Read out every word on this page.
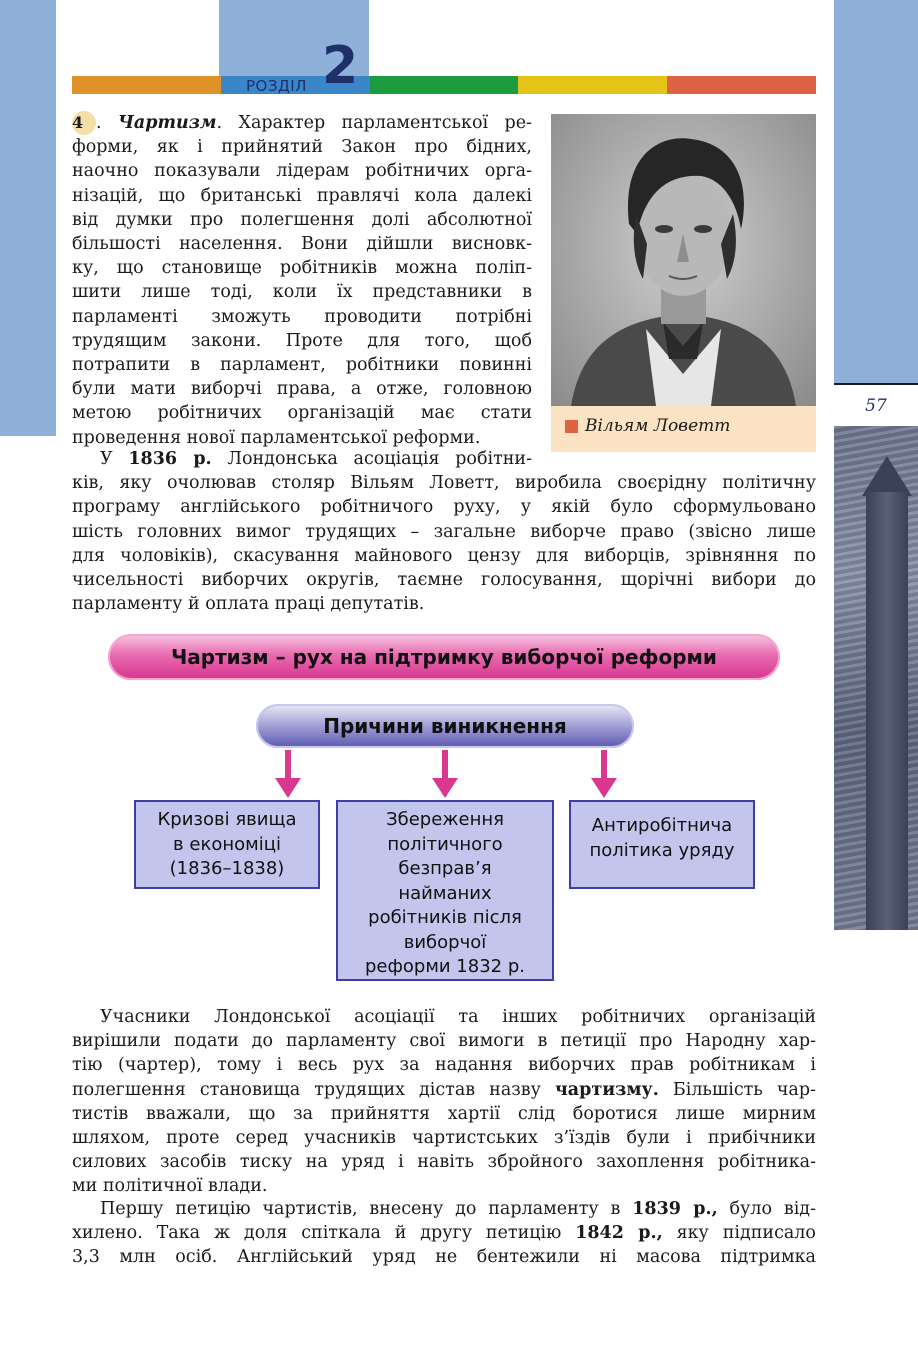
РОЗДІЛ 2
57
Вільям Ловетт

4 . Чартизм. Характер парламентської ре-

форми, як і прийнятий Закон про бідних,

наочно показували лідерам робітничих орга-

нізацій, що британські правлячі кола далекі

від думки про полегшення долі абсолютної

більшості населення. Вони дійшли висновк-

ку, що становище робітників можна поліп-

шити лише тоді, коли їх представники в

парламенті зможуть проводити потрібні

трудящим закони. Проте для того, щоб

потрапити в парламент, робітники повинні

були мати виборчі права, а отже, головною

метою робітничих організацій має стати

проведення нової парламентської реформи.

У 1836 р. Лондонська асоціація робітни-

ків, яку очолював столяр Вільям Ловетт, виробила своєрідну політичну

програму англійського робітничого руху, у якій було сформульовано

шість головних вимог трудящих – загальне виборче право (звісно лише

для чоловіків), скасування майнового цензу для виборців, зрівняння по

чисельності виборчих округів, таємне голосування, щорічні вибори до

парламенту й оплата праці депутатів.

Чартизм – рух на підтримку виборчої реформи
Причини виникнення
Кризові явища
в економіці
(1836–1838)
Збереження
політичного
безправ’я
найманих
робітників після
виборчої
реформи 1832 р.
Антиробітнича
політика уряду

Учасники Лондонської асоціації та інших робітничих організацій

вирішили подати до парламенту свої вимоги в петиції про Народну хар-

тію (чартер), тому і весь рух за надання виборчих прав робітникам і

полегшення становища трудящих дістав назву чартизму. Більшість чар-

тистів вважали, що за прийняття хартії слід боротися лише мирним

шляхом, проте серед учасників чартистських з’їздів були і прибічники

силових засобів тиску на уряд і навіть збройного захоплення робітника-

ми політичної влади.

Першу петицію чартистів, внесену до парламенту в 1839 р., було від-

хилено. Така ж доля спіткала й другу петицію 1842 р., яку підписало

3,3 млн осіб. Англійський уряд не бентежили ні масова підтримка
